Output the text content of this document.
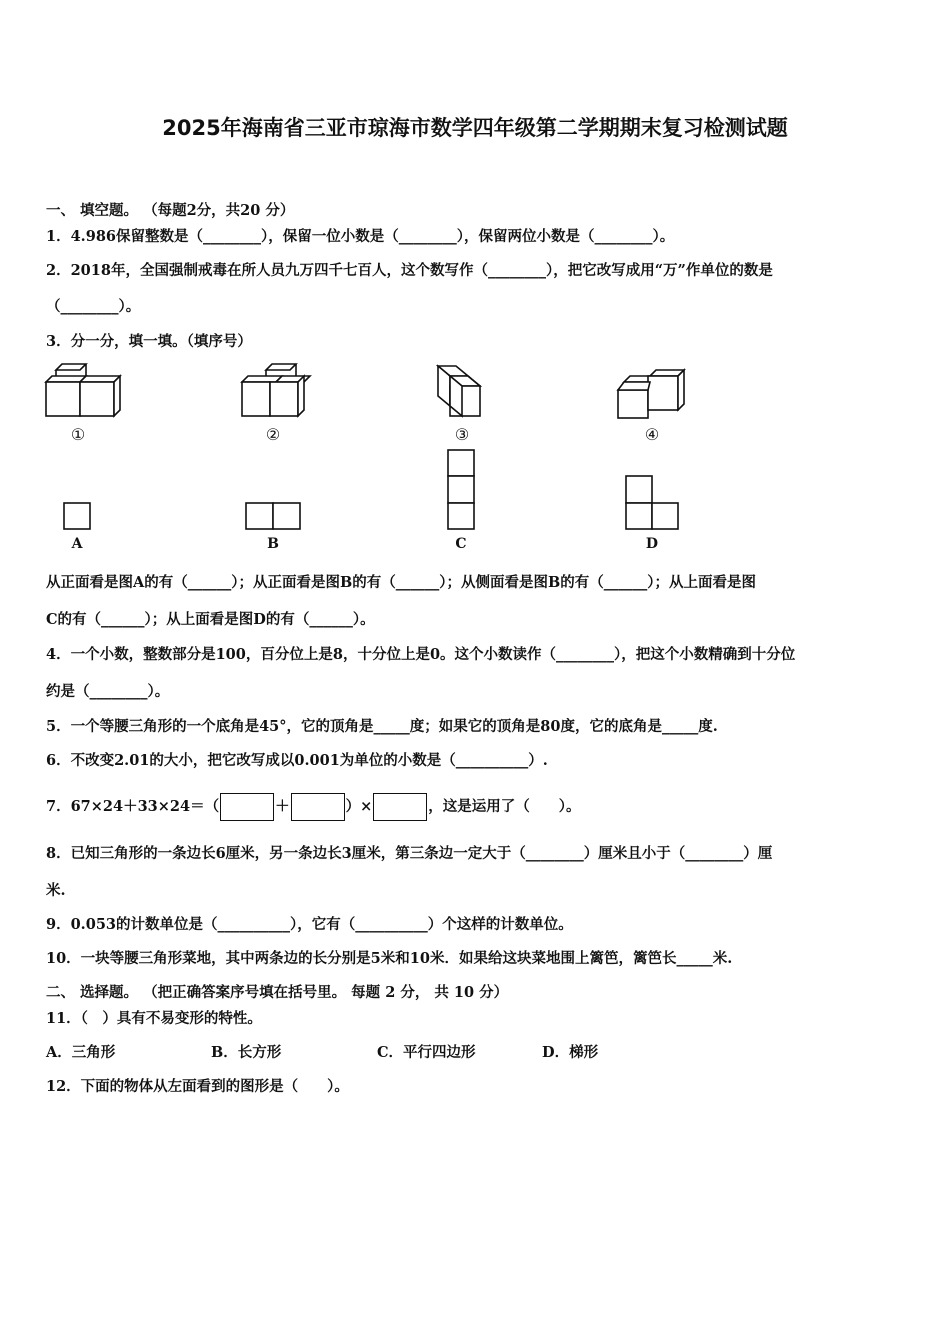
2025年海南省三亚市琼海市数学四年级第二学期期末复习检测试题
一、 填空题。 （每题2分，共20 分）
1．4.986保留整数是（________），保留一位小数是（________），保留两位小数是（________）。
2．2018年，全国强制戒毒在所人员九万四千七百人，这个数写作（________），把它改写成用“万”作单位的数是
（________）。
3．分一分，填一填。（填序号）
①	②	③	④
A	B	C	D
从正面看是图A的有（______）；从正面看是图B的有（______）；从侧面看是图B的有（______）；从上面看是图
C的有（______）；从上面看是图D的有（______）。
4．一个小数，整数部分是100，百分位上是8，十分位上是0。这个小数读作（________），把这个小数精确到十分位
约是（________）。
5．一个等腰三角形的一个底角是45°，它的顶角是_____度；如果它的顶角是80度，它的底角是_____度.
6．不改变2.01的大小，把它改写成以0.001为单位的小数是（__________）.
7．67×24＋33×24＝（	＋	）×	，这是运用了（　　）。
8．已知三角形的一条边长6厘米，另一条边长3厘米，第三条边一定大于（________）厘米且小于（________）厘
米.
9．0.053的计数单位是（__________），它有（__________）个这样的计数单位。
10．一块等腰三角形菜地，其中两条边的长分别是5米和10米．如果给这块菜地围上篱笆，篱笆长_____米.
二、 选择题。 （把正确答案序号填在括号里。 每题 2 分， 共 10 分）
11．（　）具有不易变形的特性。
A．三角形	B．长方形	C．平行四边形	D．梯形
12．下面的物体从左面看到的图形是（　　）。
